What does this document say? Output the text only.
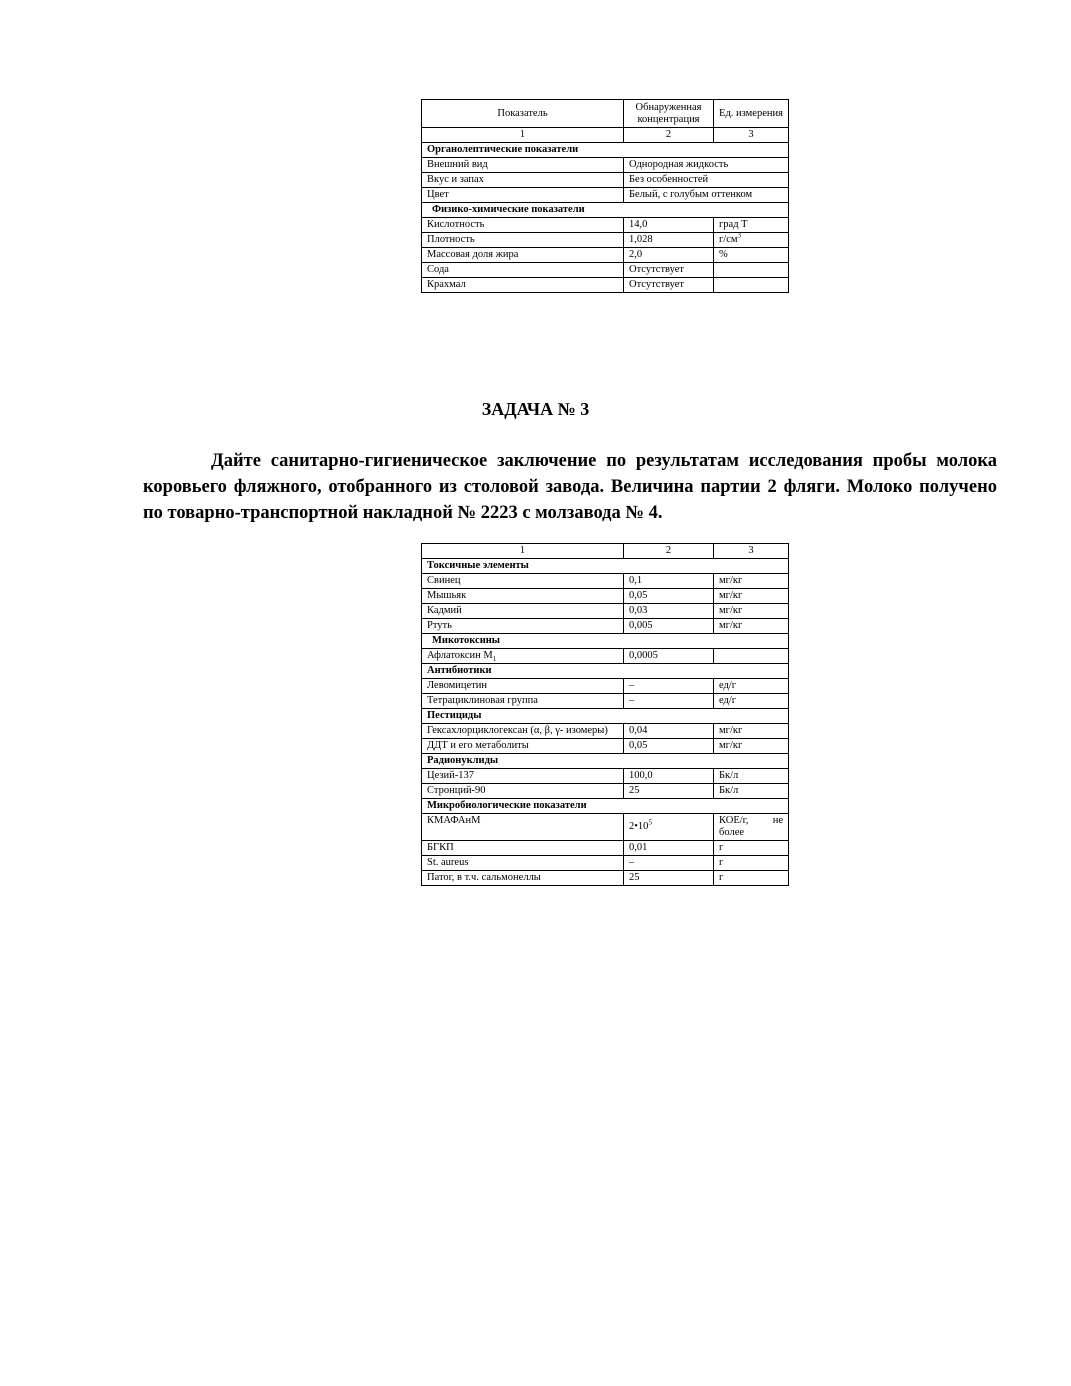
Показатель	Обнаруженная концентрация	Ед. измерения
1	2	3
Органолептические показатели		
Внешний вид	Однородная жидкость	
Вкус и запах	Без особенностей	
Цвет	Белый, с голубым оттенком	
Физико-химические показатели		
Кислотность	14,0	град Т
Плотность	1,028	$г/см^3$
Массовая доля жира	2,0	%
Сода	Отсутствует	
Крахмал	Отсутствует	
ЗАДАЧА № 3

Дайте санитарно-гигиеническое заключение по результатам исследования пробы молока коровьего фляжного, отобранного из столовой завода. Величина партии 2 фляги. Молоко получено по товарно-транспортной накладной № 2223 с молзавода № 4.

1	2	3
Токсичные элементы		
Свинец	0,1	мг/кг
Мышьяк	0,05	мг/кг
Кадмий	0,03	мг/кг
Ртуть	0,005	мг/кг
Микотоксины		
Афлатоксин $М_1$	0,0005	
Антибиотики		
Левомицетин	–	ед/г
Тетрациклиновая группа	–	ед/г
Пестициды		
Гексахлорциклогексан (α, β, γ- изомеры)	0,04	мг/кг
ДДТ и его метаболиты	0,05	мг/кг
Радионуклиды		
Цезий-137	100,0	Бк/л
Стронций-90	25	Бк/л
Микробиологические показатели		
КМАФАнМ	$2•10^5$	КОЕ/г, не более
БГКП	0,01	г
St. aureus	–	г
Патог, в т.ч. сальмонеллы	25	г
